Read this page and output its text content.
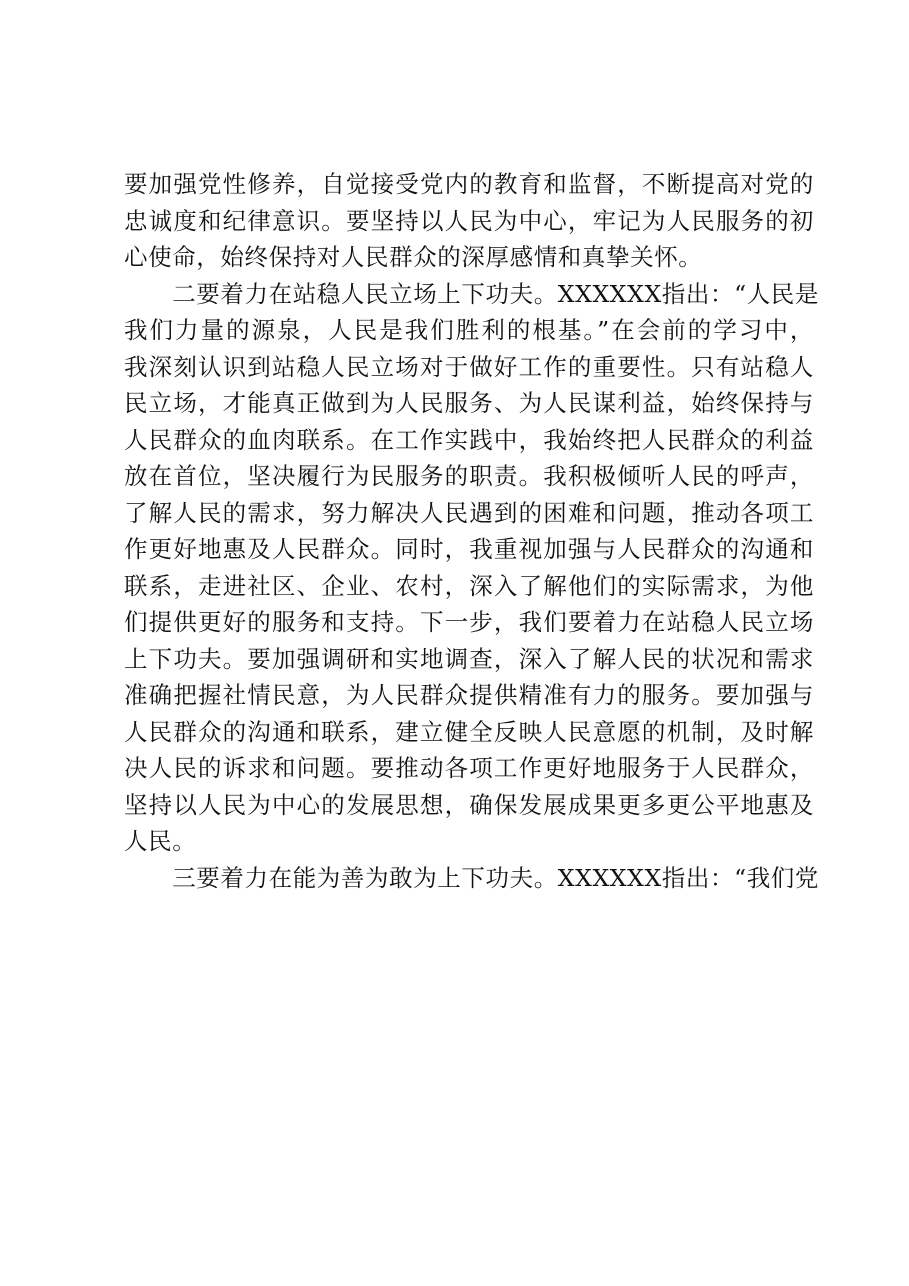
要加强党性修养，自觉接受党内的教育和监督，不断提高对党的
忠诚度和纪律意识。要坚持以人民为中心，牢记为人民服务的初
心使命，始终保持对人民群众的深厚感情和真挚关怀。
　　二要着力在站稳人民立场上下功夫。XXXXXX指出：“人民是
我们力量的源泉，人民是我们胜利的根基。”在会前的学习中，
我深刻认识到站稳人民立场对于做好工作的重要性。只有站稳人
民立场，才能真正做到为人民服务、为人民谋利益，始终保持与
人民群众的血肉联系。在工作实践中，我始终把人民群众的利益
放在首位，坚决履行为民服务的职责。我积极倾听人民的呼声，
了解人民的需求，努力解决人民遇到的困难和问题，推动各项工
作更好地惠及人民群众。同时，我重视加强与人民群众的沟通和
联系，走进社区、企业、农村，深入了解他们的实际需求，为他
们提供更好的服务和支持。下一步，我们要着力在站稳人民立场
上下功夫。要加强调研和实地调查，深入了解人民的状况和需求
准确把握社情民意，为人民群众提供精准有力的服务。要加强与
人民群众的沟通和联系，建立健全反映人民意愿的机制，及时解
决人民的诉求和问题。要推动各项工作更好地服务于人民群众，
坚持以人民为中心的发展思想，确保发展成果更多更公平地惠及
人民。
　　三要着力在能为善为敢为上下功夫。XXXXXX指出：“我们党
